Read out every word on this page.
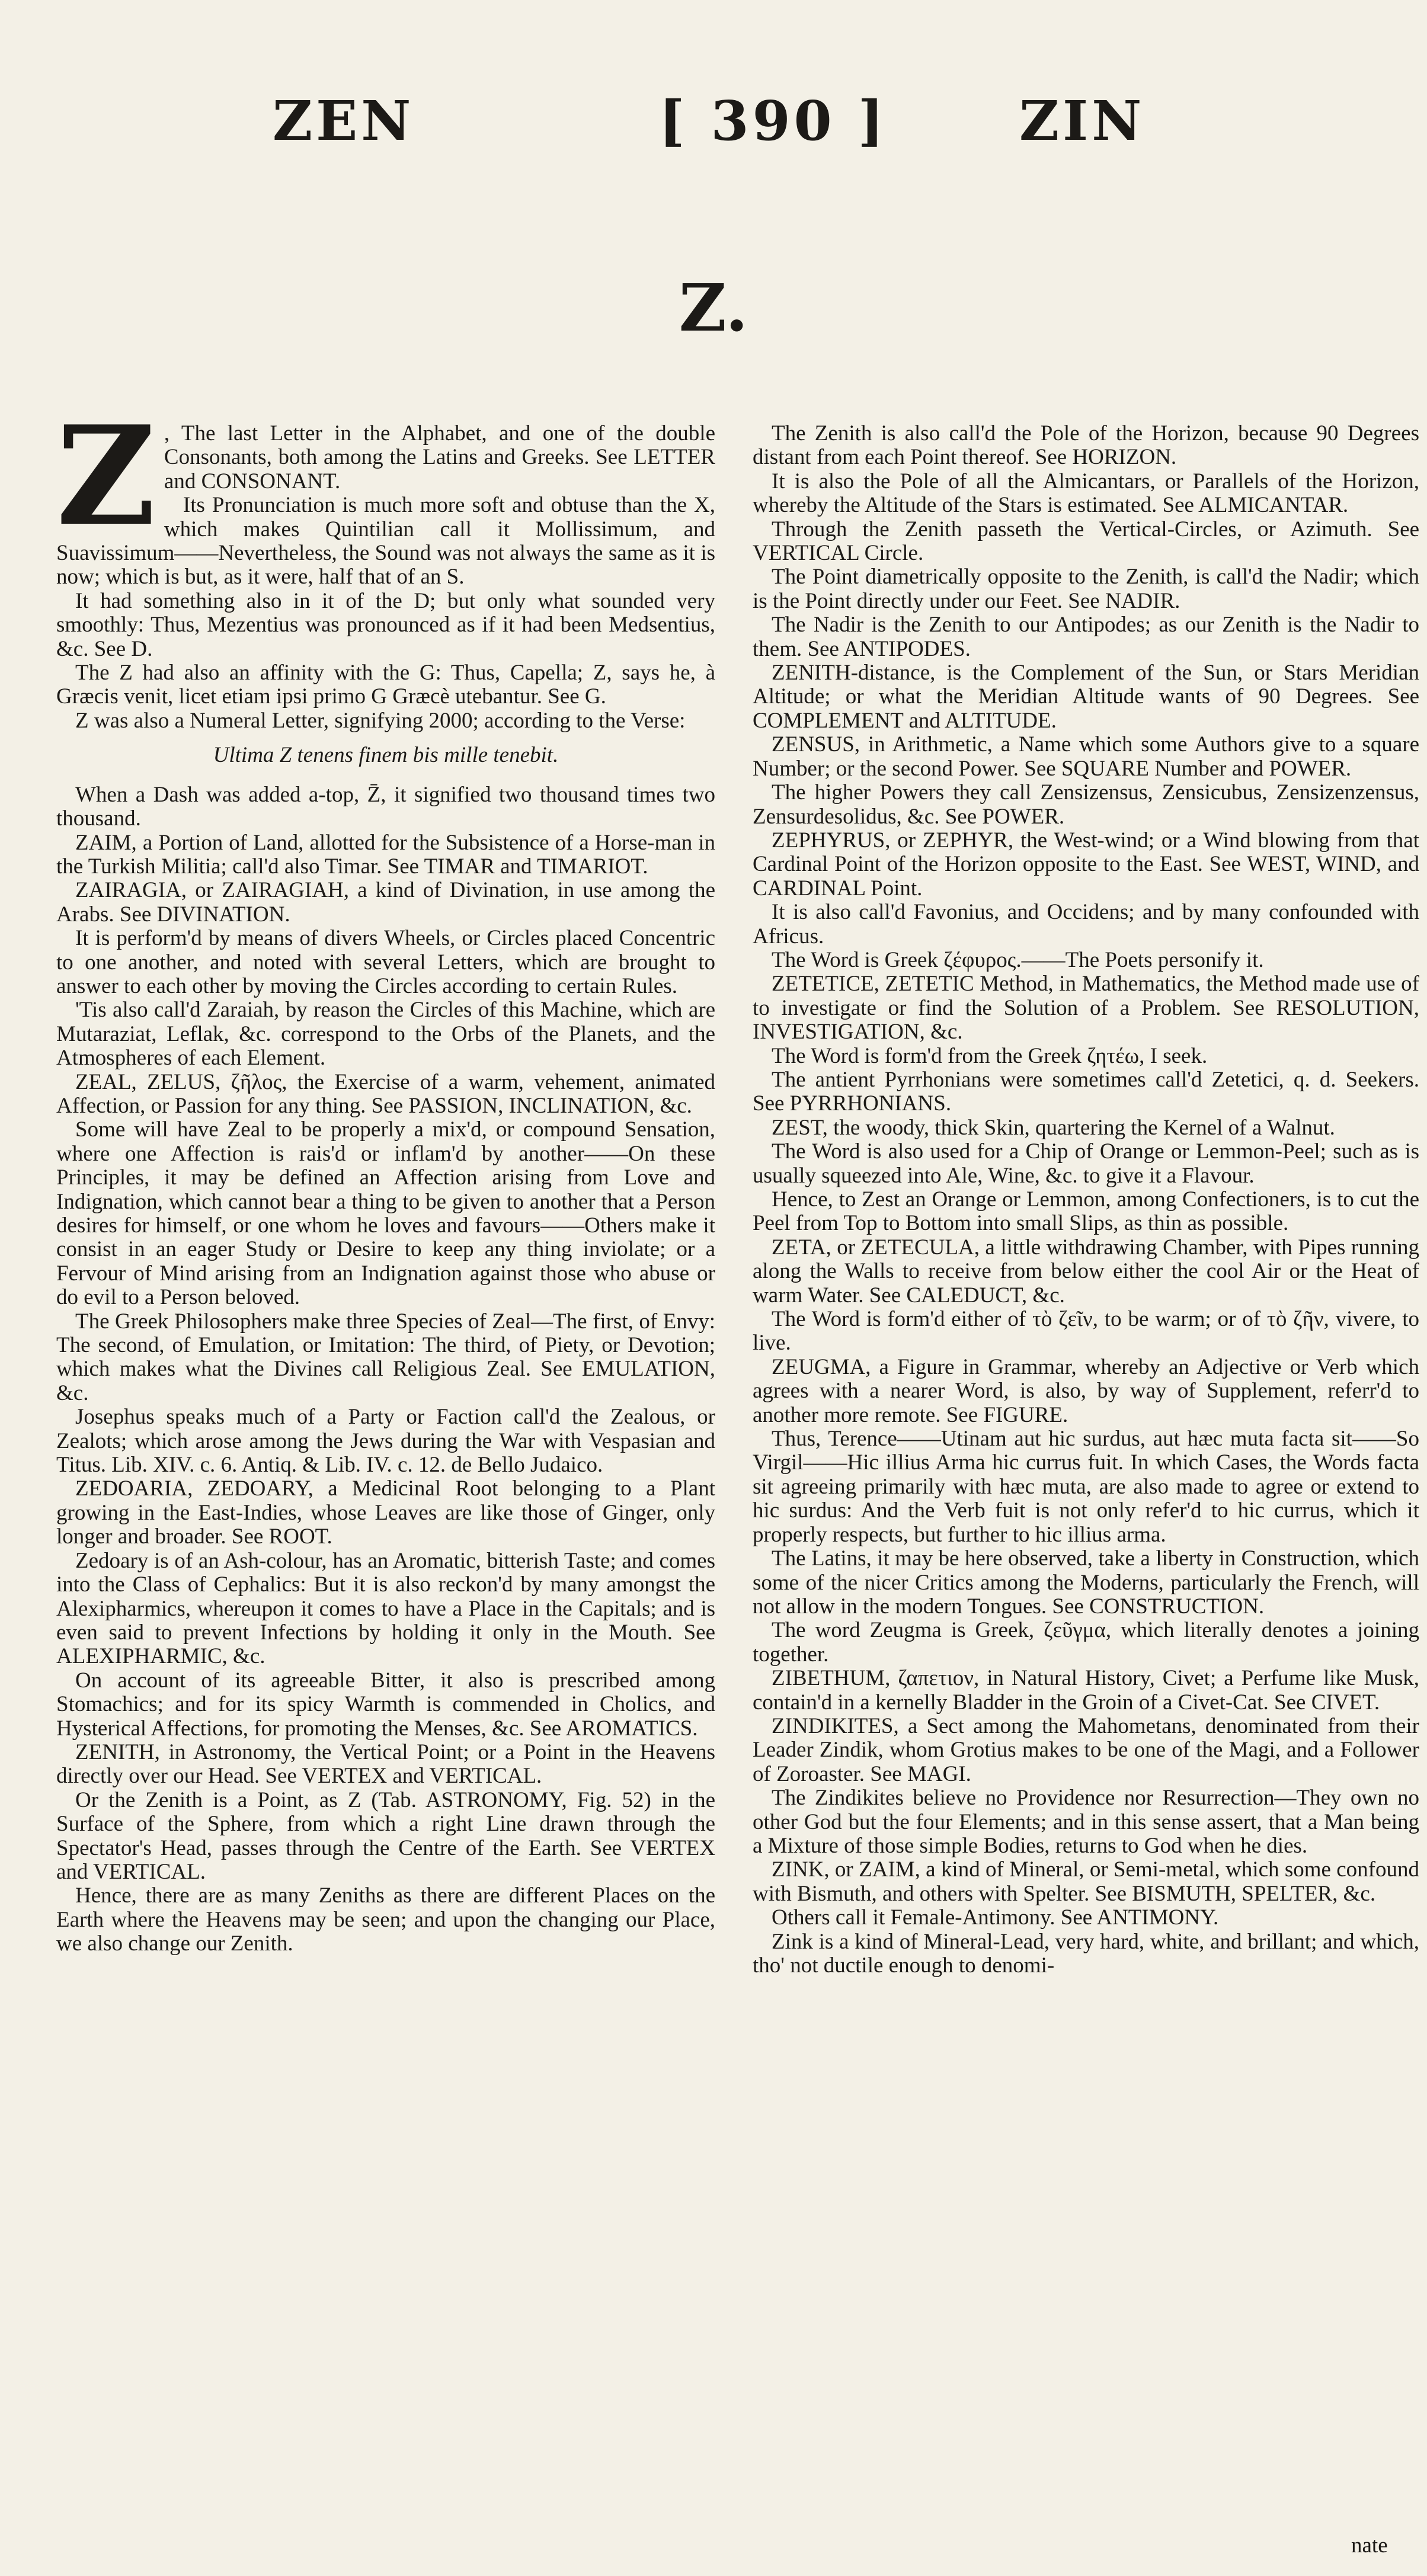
ZEN	[ 390 ] ZIN
Z.

Z , The last Letter in the Alphabet, and one of the double Consonants, both among the Latins and Greeks. See LETTER and CONSONANT.

Its Pronunciation is much more soft and obtuse than the X, which makes Quintilian call it Mollissimum, and Suavissimum——Nevertheless, the Sound was not always the same as it is now; which is but, as it were, half that of an S.

It had something also in it of the D; but only what sounded very smoothly: Thus, Mezentius was pronounced as if it had been Medsentius, &c. See D.

The Z had also an affinity with the G: Thus, Capella; Z, says he, à Græcis venit, licet etiam ipsi primo G Græcè utebantur. See G.

Z was also a Numeral Letter, signifying 2000; according to the Verse:

Ultima Z tenens finem bis mille tenebit.

When a Dash was added a-top, Z̄, it signified two thousand times two thousand.

ZAIM, a Portion of Land, allotted for the Subsistence of a Horse-man in the Turkish Militia; call'd also Timar. See TIMAR and TIMARIOT.

ZAIRAGIA, or ZAIRAGIAH, a kind of Divination, in use among the Arabs. See DIVINATION.

It is perform'd by means of divers Wheels, or Circles placed Concentric to one another, and noted with several Letters, which are brought to answer to each other by moving the Circles according to certain Rules.

'Tis also call'd Zaraiah, by reason the Circles of this Machine, which are Mutaraziat, Leflak, &c. correspond to the Orbs of the Planets, and the Atmospheres of each Element.

ZEAL, ZELUS, ζῆλος, the Exercise of a warm, vehement, animated Affection, or Passion for any thing. See PASSION, INCLINATION, &c.

Some will have Zeal to be properly a mix'd, or compound Sensation, where one Affection is rais'd or inflam'd by another——On these Principles, it may be defined an Affection arising from Love and Indignation, which cannot bear a thing to be given to another that a Person desires for himself, or one whom he loves and favours——Others make it consist in an eager Study or Desire to keep any thing inviolate; or a Fervour of Mind arising from an Indignation against those who abuse or do evil to a Person beloved.

The Greek Philosophers make three Species of Zeal—The first, of Envy: The second, of Emulation, or Imitation: The third, of Piety, or Devotion; which makes what the Divines call Religious Zeal. See EMULATION, &c.

Josephus speaks much of a Party or Faction call'd the Zealous, or Zealots; which arose among the Jews during the War with Vespasian and Titus. Lib. XIV. c. 6. Antiq. & Lib. IV. c. 12. de Bello Judaico.

ZEDOARIA, ZEDOARY, a Medicinal Root belonging to a Plant growing in the East-Indies, whose Leaves are like those of Ginger, only longer and broader. See ROOT.

Zedoary is of an Ash-colour, has an Aromatic, bitterish Taste; and comes into the Class of Cephalics: But it is also reckon'd by many amongst the Alexipharmics, whereupon it comes to have a Place in the Capitals; and is even said to prevent Infections by holding it only in the Mouth. See ALEXIPHARMIC, &c.

On account of its agreeable Bitter, it also is prescribed among Stomachics; and for its spicy Warmth is commended in Cholics, and Hysterical Affections, for promoting the Menses, &c. See AROMATICS.

ZENITH, in Astronomy, the Vertical Point; or a Point in the Heavens directly over our Head. See VERTEX and VERTICAL.

Or the Zenith is a Point, as Z (Tab. ASTRONOMY, Fig. 52) in the Surface of the Sphere, from which a right Line drawn through the Spectator's Head, passes through the Centre of the Earth. See VERTEX and VERTICAL.

Hence, there are as many Zeniths as there are different Places on the Earth where the Heavens may be seen; and upon the changing our Place, we also change our Zenith.

The Zenith is also call'd the Pole of the Horizon, because 90 Degrees distant from each Point thereof. See HORIZON.

It is also the Pole of all the Almicantars, or Parallels of the Horizon, whereby the Altitude of the Stars is estimated. See ALMICANTAR.

Through the Zenith passeth the Vertical-Circles, or Azimuth. See VERTICAL Circle.

The Point diametrically opposite to the Zenith, is call'd the Nadir; which is the Point directly under our Feet. See NADIR.

The Nadir is the Zenith to our Antipodes; as our Zenith is the Nadir to them. See ANTIPODES.

ZENITH-distance, is the Complement of the Sun, or Stars Meridian Altitude; or what the Meridian Altitude wants of 90 Degrees. See COMPLEMENT and ALTITUDE.

ZENSUS, in Arithmetic, a Name which some Authors give to a square Number; or the second Power. See SQUARE Number and POWER.

The higher Powers they call Zensizensus, Zensicubus, Zensizenzensus, Zensurdesolidus, &c. See POWER.

ZEPHYRUS, or ZEPHYR, the West-wind; or a Wind blowing from that Cardinal Point of the Horizon opposite to the East. See WEST, WIND, and CARDINAL Point.

It is also call'd Favonius, and Occidens; and by many confounded with Africus.

The Word is Greek ζέφυρος.——The Poets personify it.

ZETETICE, ZETETIC Method, in Mathematics, the Method made use of to investigate or find the Solution of a Problem. See RESOLUTION, INVESTIGATION, &c.

The Word is form'd from the Greek ζητέω, I seek.

The antient Pyrrhonians were sometimes call'd Zetetici, q. d. Seekers. See PYRRHONIANS.

ZEST, the woody, thick Skin, quartering the Kernel of a Walnut.

The Word is also used for a Chip of Orange or Lemmon-Peel; such as is usually squeezed into Ale, Wine, &c. to give it a Flavour.

Hence, to Zest an Orange or Lemmon, among Confectioners, is to cut the Peel from Top to Bottom into small Slips, as thin as possible.

ZETA, or ZETECULA, a little withdrawing Chamber, with Pipes running along the Walls to receive from below either the cool Air or the Heat of warm Water. See CALEDUCT, &c.

The Word is form'd either of τὸ ζεῖν, to be warm; or of τὸ ζῆν, vivere, to live.

ZEUGMA, a Figure in Grammar, whereby an Adjective or Verb which agrees with a nearer Word, is also, by way of Supplement, referr'd to another more remote. See FIGURE.

Thus, Terence——Utinam aut hic surdus, aut hæc muta facta sit——So Virgil——Hic illius Arma hic currus fuit. In which Cases, the Words facta sit agreeing primarily with hæc muta, are also made to agree or extend to hic surdus: And the Verb fuit is not only refer'd to hic currus, which it properly respects, but further to hic illius arma.

The Latins, it may be here observed, take a liberty in Construction, which some of the nicer Critics among the Moderns, particularly the French, will not allow in the modern Tongues. See CONSTRUCTION.

The word Zeugma is Greek, ζεῦγμα, which literally denotes a joining together.

ZIBETHUM, ζαπετιον, in Natural History, Civet; a Perfume like Musk, contain'd in a kernelly Bladder in the Groin of a Civet-Cat. See CIVET.

ZINDIKITES, a Sect among the Mahometans, denominated from their Leader Zindik, whom Grotius makes to be one of the Magi, and a Follower of Zoroaster. See MAGI.

The Zindikites believe no Providence nor Resurrection—They own no other God but the four Elements; and in this sense assert, that a Man being a Mixture of those simple Bodies, returns to God when he dies.

ZINK, or ZAIM, a kind of Mineral, or Semi-metal, which some confound with Bismuth, and others with Spelter. See BISMUTH, SPELTER, &c.

Others call it Female-Antimony. See ANTIMONY.

Zink is a kind of Mineral-Lead, very hard, white, and brillant; and which, tho' not ductile enough to denomi-

nate
